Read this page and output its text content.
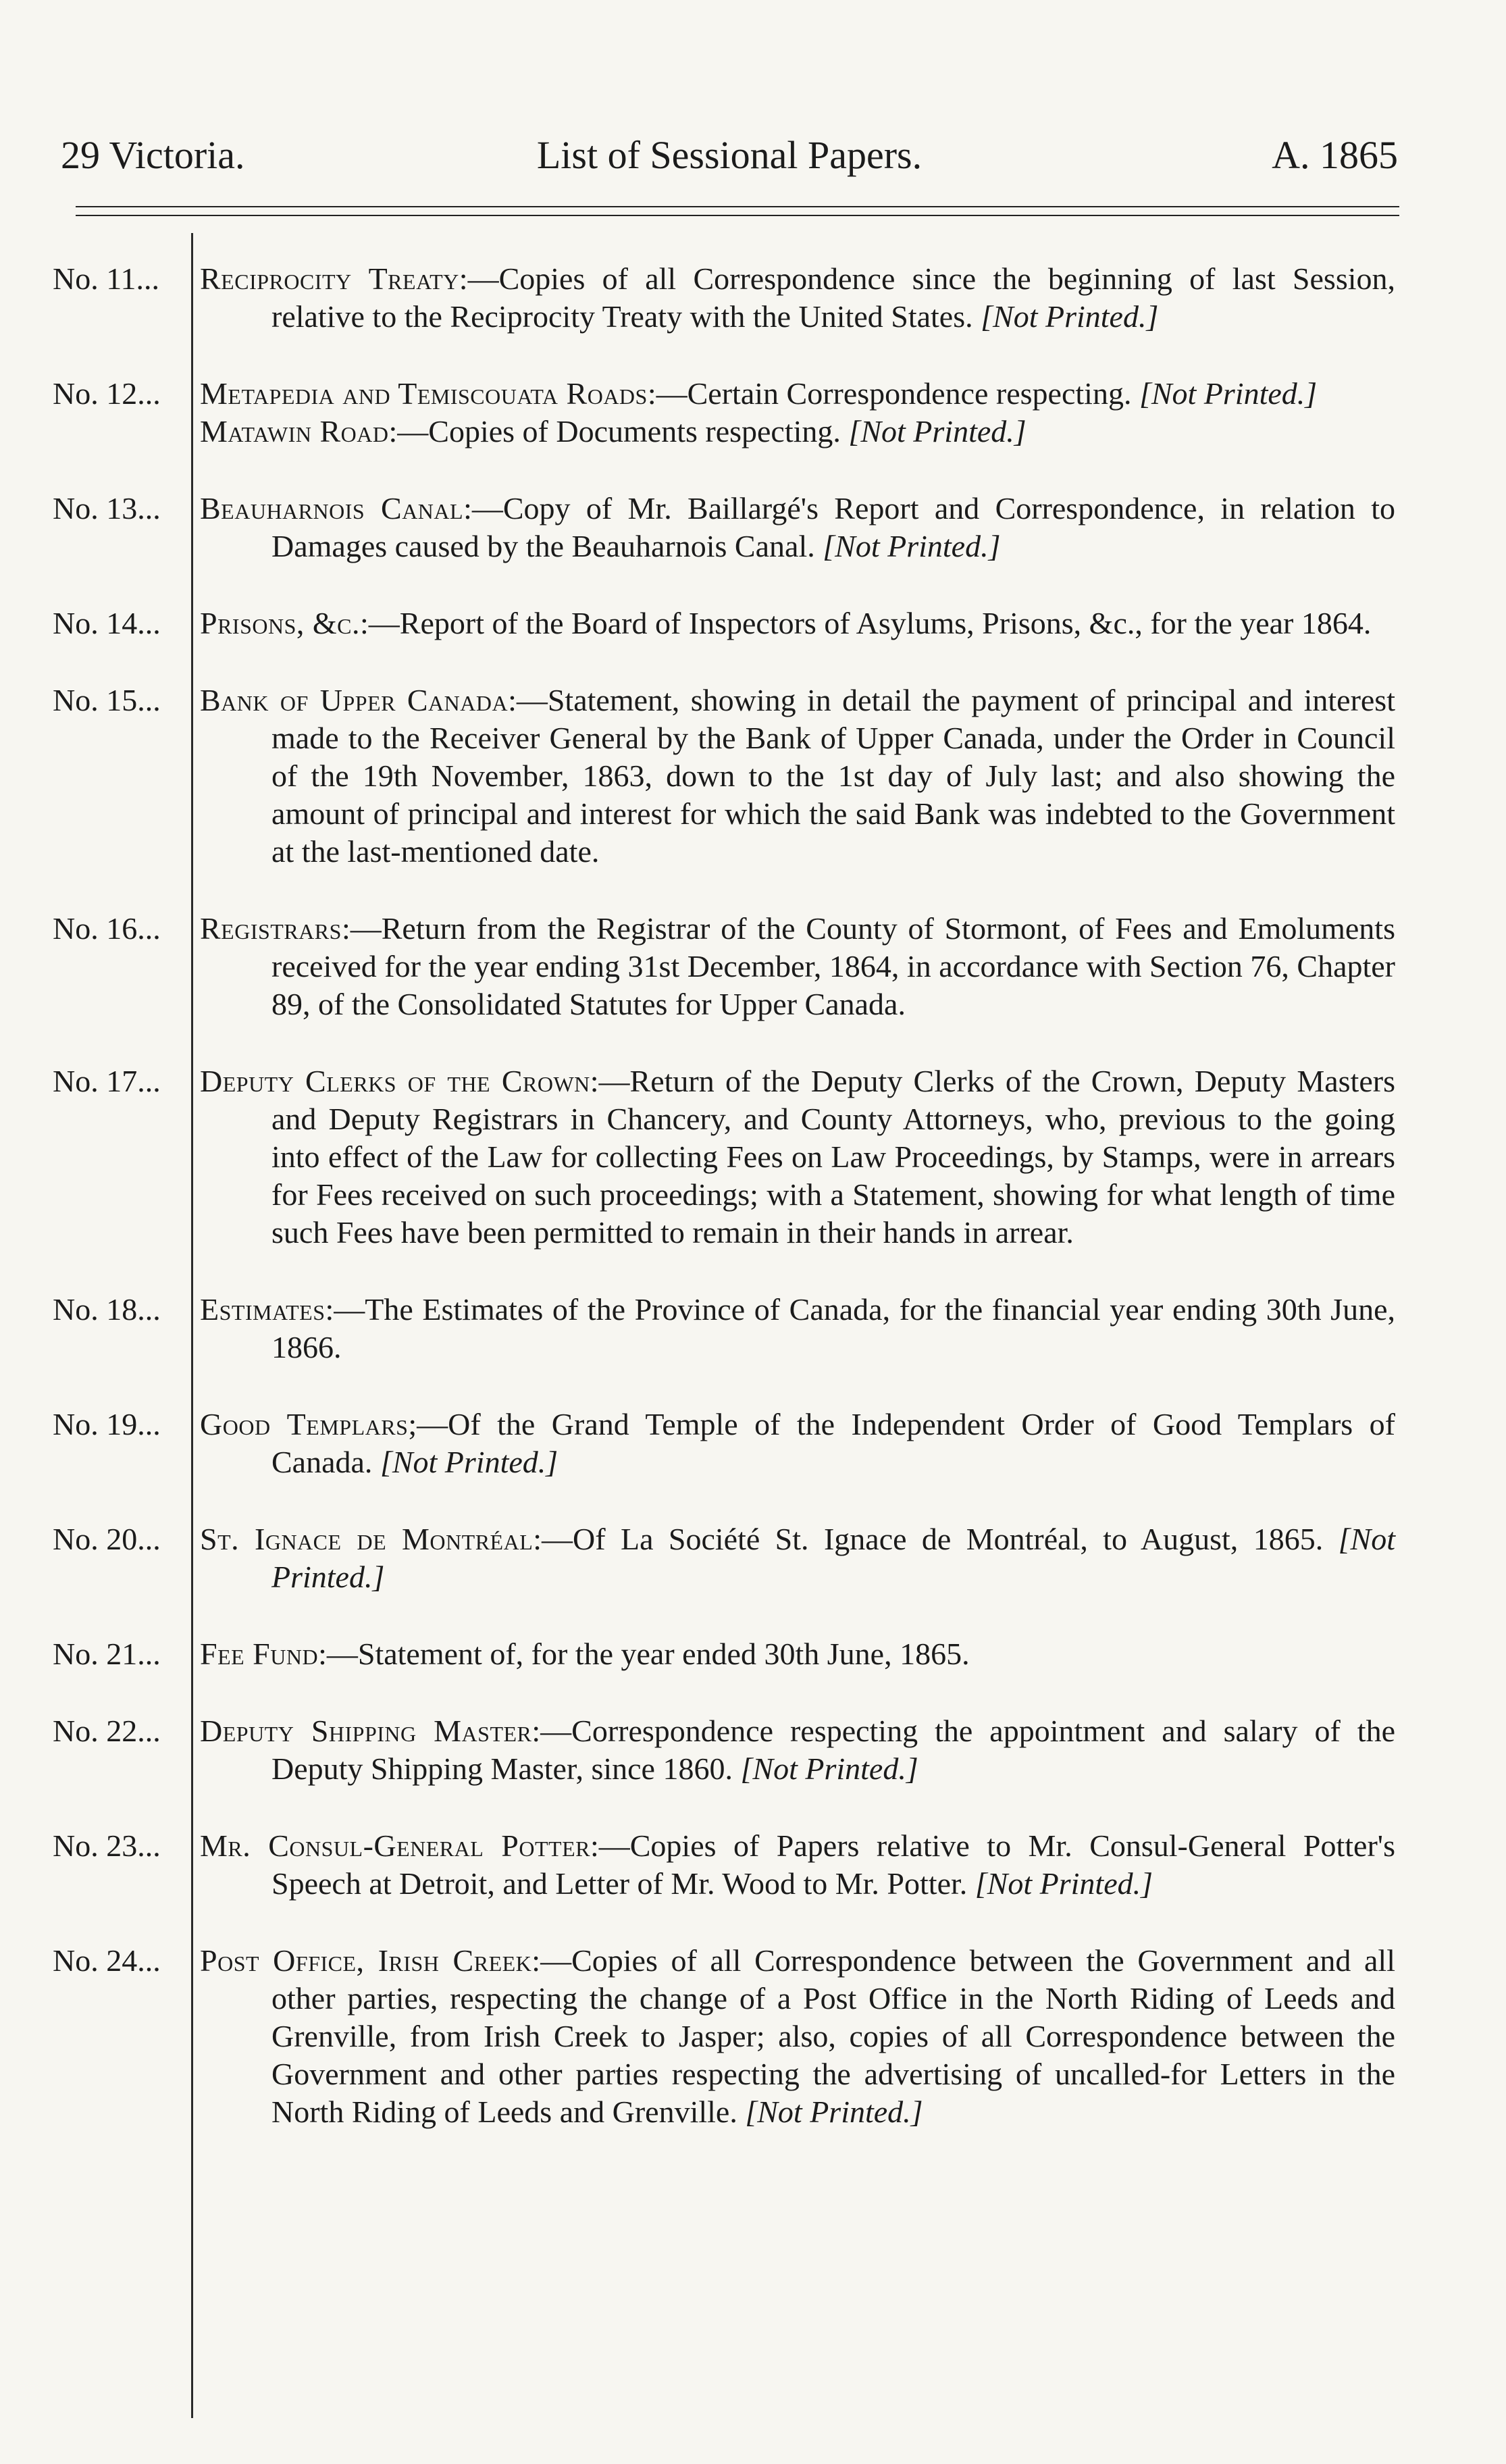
29 Victoria.	List of Sessional Papers.	A. 1865
No. 11...	Reciprocity Treaty:—Copies of all Correspondence since the beginning of last Session, relative to the Reciprocity Treaty with the United States. [Not Printed.]
No. 12...	Metapedia and Temiscouata Roads:—Certain Correspondence respecting. [Not Printed.]
Matawin Road:—Copies of Documents respecting. [Not Printed.]
No. 13...	Beauharnois Canal:—Copy of Mr. Baillargé's Report and Correspondence, in relation to Damages caused by the Beauharnois Canal. [Not Printed.]
No. 14...	Prisons, &c.:—Report of the Board of Inspectors of Asylums, Prisons, &c., for the year 1864.
No. 15...	Bank of Upper Canada:—Statement, showing in detail the payment of principal and interest made to the Receiver General by the Bank of Upper Canada, under the Order in Council of the 19th November, 1863, down to the 1st day of July last; and also showing the amount of principal and interest for which the said Bank was indebted to the Government at the last-mentioned date.
No. 16...	Registrars:—Return from the Registrar of the County of Stormont, of Fees and Emoluments received for the year ending 31st December, 1864, in accordance with Section 76, Chapter 89, of the Consolidated Statutes for Upper Canada.
No. 17...	Deputy Clerks of the Crown:—Return of the Deputy Clerks of the Crown, Deputy Masters and Deputy Registrars in Chancery, and County Attorneys, who, previous to the going into effect of the Law for collecting Fees on Law Proceedings, by Stamps, were in arrears for Fees received on such proceedings; with a Statement, showing for what length of time such Fees have been permitted to remain in their hands in arrear.
No. 18...	Estimates:—The Estimates of the Province of Canada, for the financial year ending 30th June, 1866.
No. 19...	Good Templars;—Of the Grand Temple of the Independent Order of Good Templars of Canada. [Not Printed.]
No. 20...	St. Ignace de Montréal:—Of La Société St. Ignace de Montréal, to August, 1865. [Not Printed.]
No. 21...	Fee Fund:—Statement of, for the year ended 30th June, 1865.
No. 22...	Deputy Shipping Master:—Correspondence respecting the appointment and salary of the Deputy Shipping Master, since 1860. [Not Printed.]
No. 23...	Mr. Consul-General Potter:—Copies of Papers relative to Mr. Consul-General Potter's Speech at Detroit, and Letter of Mr. Wood to Mr. Potter. [Not Printed.]
No. 24...	Post Office, Irish Creek:—Copies of all Correspondence between the Government and all other parties, respecting the change of a Post Office in the North Riding of Leeds and Grenville, from Irish Creek to Jasper; also, copies of all Correspondence between the Government and other parties respecting the advertising of uncalled-for Letters in the North Riding of Leeds and Grenville. [Not Printed.]
